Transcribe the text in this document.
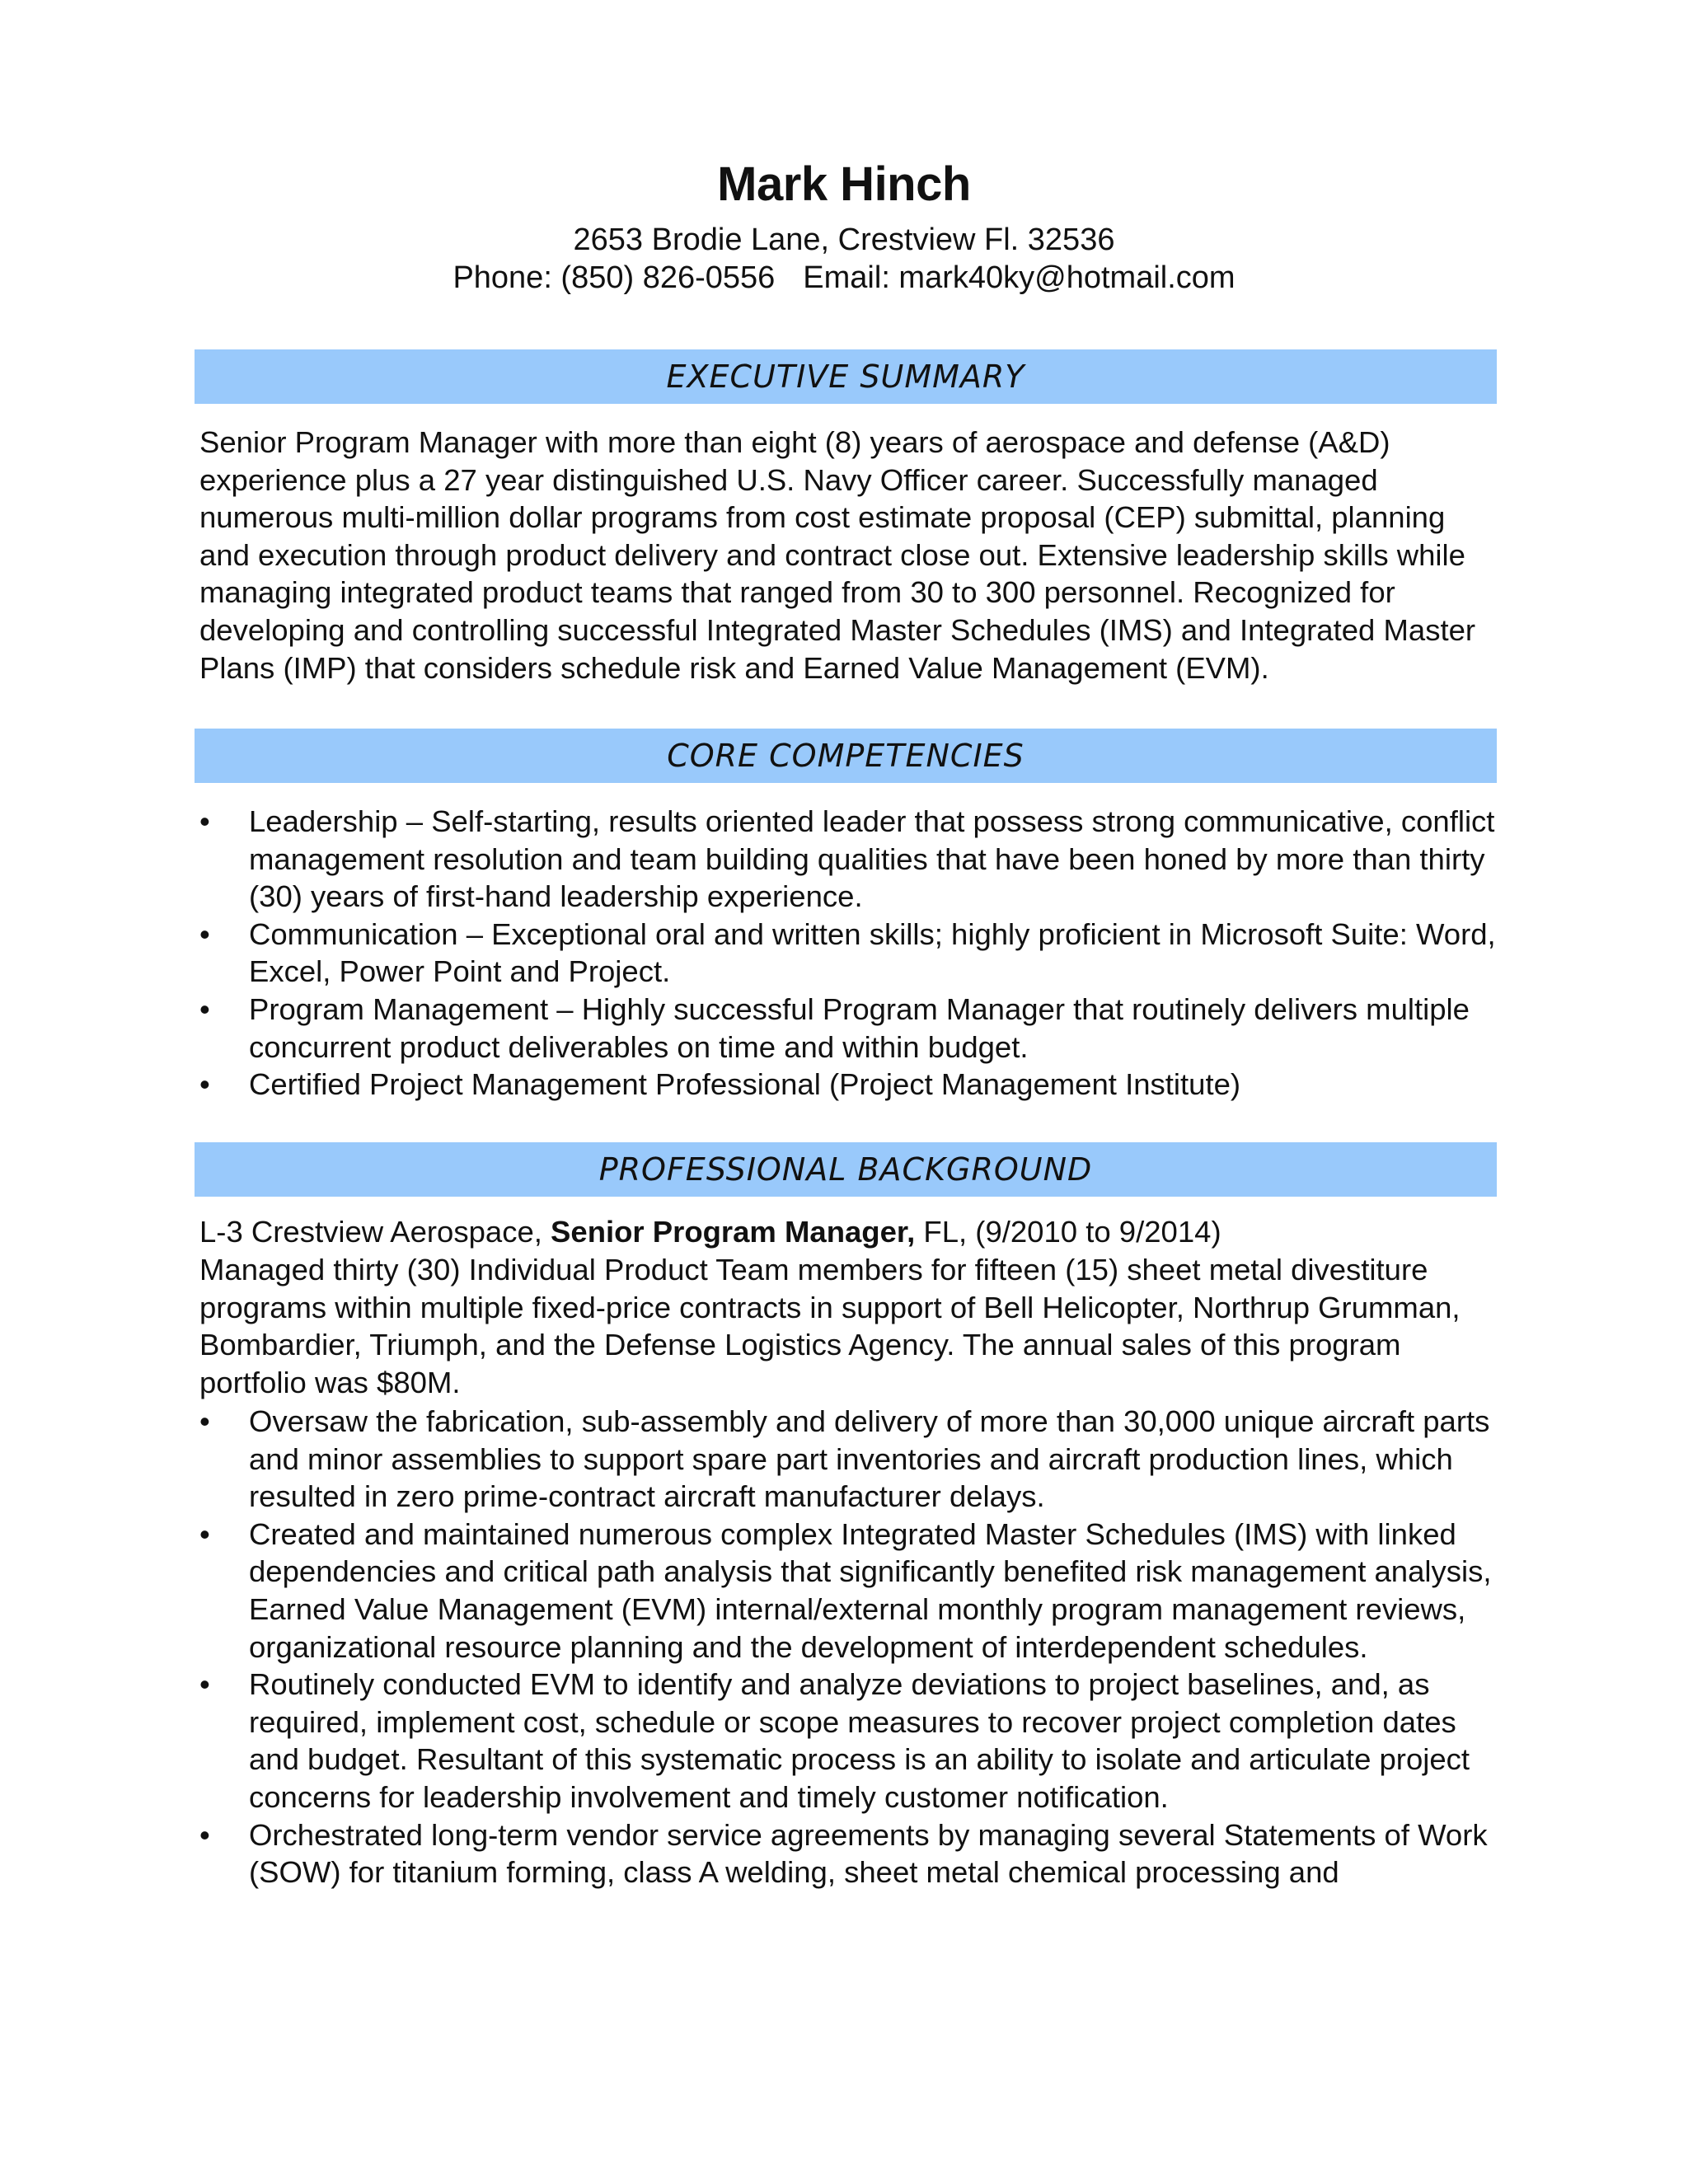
Mark Hinch
2653 Brodie Lane, Crestview Fl. 32536
Phone: (850) 826-0556 Email: mark40ky@hotmail.com
EXECUTIVE SUMMARY
Senior Program Manager with more than eight (8) years of aerospace and defense (A&D) experience plus a 27 year distinguished U.S. Navy Officer career. Successfully managed numerous multi-million dollar programs from cost estimate proposal (CEP) submittal, planning and execution through product delivery and contract close out. Extensive leadership skills while managing integrated product teams that ranged from 30 to 300 personnel. Recognized for developing and controlling successful Integrated Master Schedules (IMS) and Integrated Master Plans (IMP) that considers schedule risk and Earned Value Management (EVM).
CORE COMPETENCIES
• Leadership – Self-starting, results oriented leader that possess strong communicative, conflict management resolution and team building qualities that have been honed by more than thirty (30) years of first-hand leadership experience.
• Communication – Exceptional oral and written skills; highly proficient in Microsoft Suite: Word, Excel, Power Point and Project.
• Program Management – Highly successful Program Manager that routinely delivers multiple concurrent product deliverables on time and within budget.
• Certified Project Management Professional (Project Management Institute)
PROFESSIONAL BACKGROUND
L-3 Crestview Aerospace, Senior Program Manager, FL, (9/2010 to 9/2014)
Managed thirty (30) Individual Product Team members for fifteen (15) sheet metal divestiture programs within multiple fixed-price contracts in support of Bell Helicopter, Northrup Grumman, Bombardier, Triumph, and the Defense Logistics Agency. The annual sales of this program portfolio was $80M.
• Oversaw the fabrication, sub-assembly and delivery of more than 30,000 unique aircraft parts and minor assemblies to support spare part inventories and aircraft production lines, which resulted in zero prime-contract aircraft manufacturer delays.
• Created and maintained numerous complex Integrated Master Schedules (IMS) with linked dependencies and critical path analysis that significantly benefited risk management analysis, Earned Value Management (EVM) internal/external monthly program management reviews, organizational resource planning and the development of interdependent schedules.
• Routinely conducted EVM to identify and analyze deviations to project baselines, and, as required, implement cost, schedule or scope measures to recover project completion dates and budget. Resultant of this systematic process is an ability to isolate and articulate project concerns for leadership involvement and timely customer notification.
• Orchestrated long-term vendor service agreements by managing several Statements of Work (SOW) for titanium forming, class A welding, sheet metal chemical processing and
